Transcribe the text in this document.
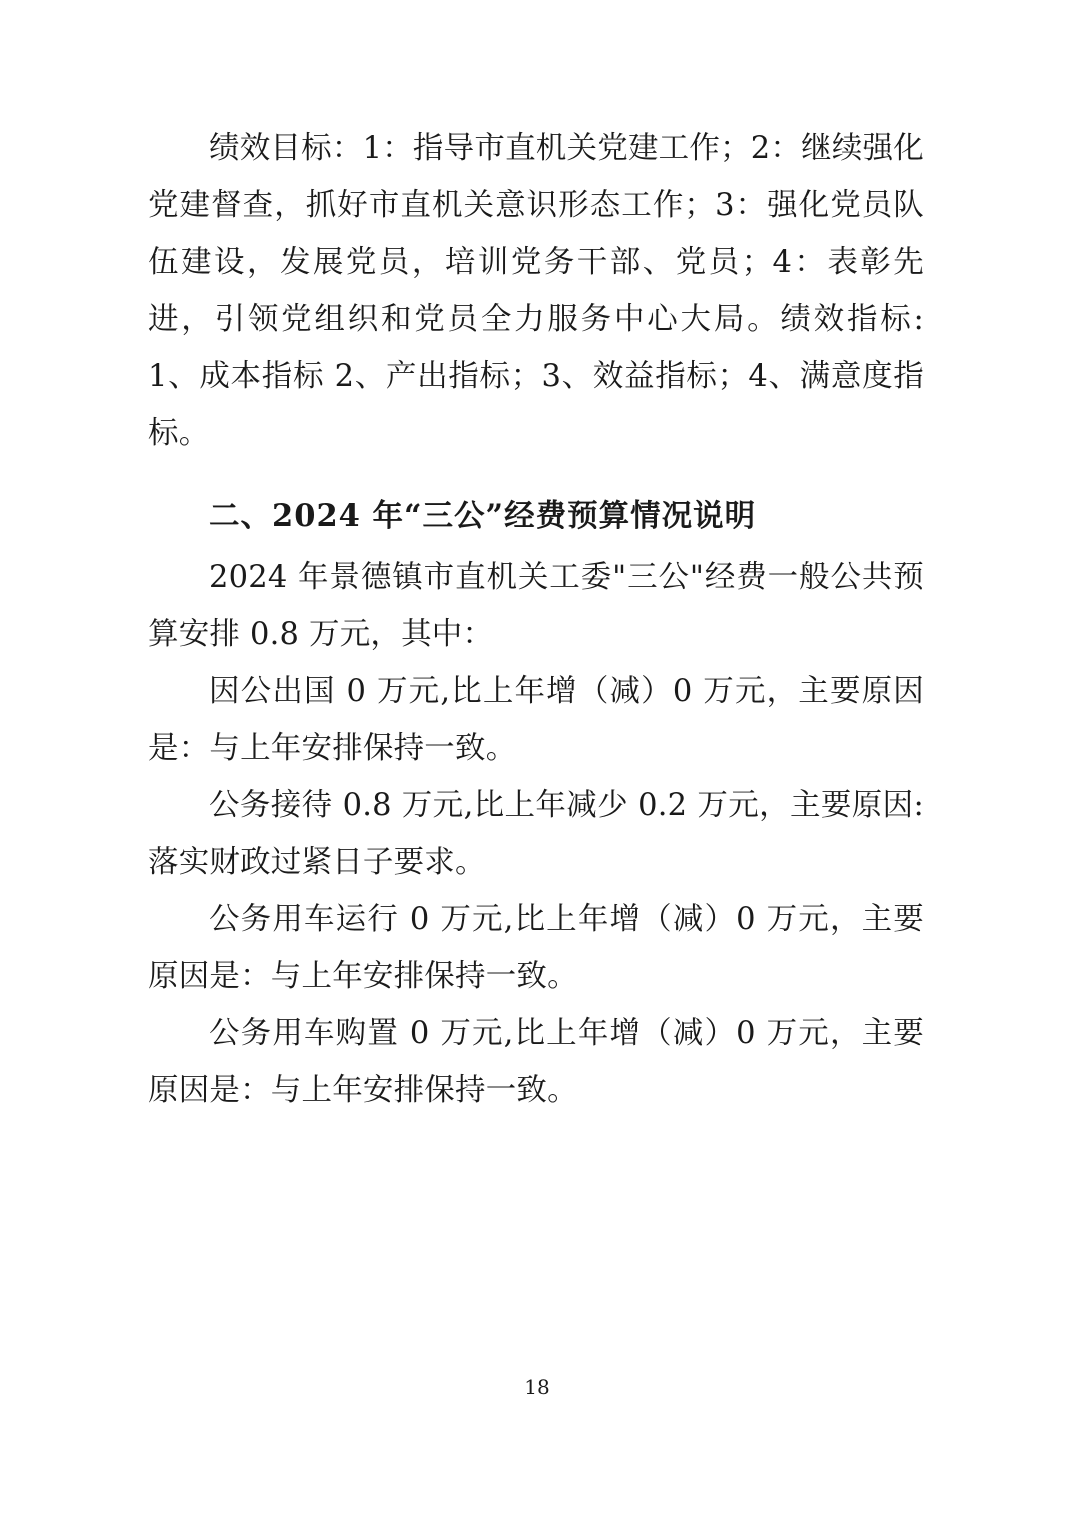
绩效目标：1：指导市直机关党建工作；2：继续强化党建督查，抓好市直机关意识形态工作；3：强化党员队伍建设，发展党员，培训党务干部、党员；4：表彰先进，引领党组织和党员全力服务中心大局。绩效指标: 1、成本指标 2、产出指标；3、效益指标；4、满意度指标。

二、2024 年“三公”经费预算情况说明

2024 年景德镇市直机关工委"三公"经费一般公共预算安排 0.8 万元，其中：

因公出国 0 万元,比上年增（减）0 万元，主要原因是：与上年安排保持一致。

公务接待 0.8 万元,比上年减少 0.2 万元，主要原因: 落实财政过紧日子要求。

公务用车运行 0 万元,比上年增（减）0 万元，主要原因是：与上年安排保持一致。

公务用车购置 0 万元,比上年增（减）0 万元，主要原因是：与上年安排保持一致。

18
